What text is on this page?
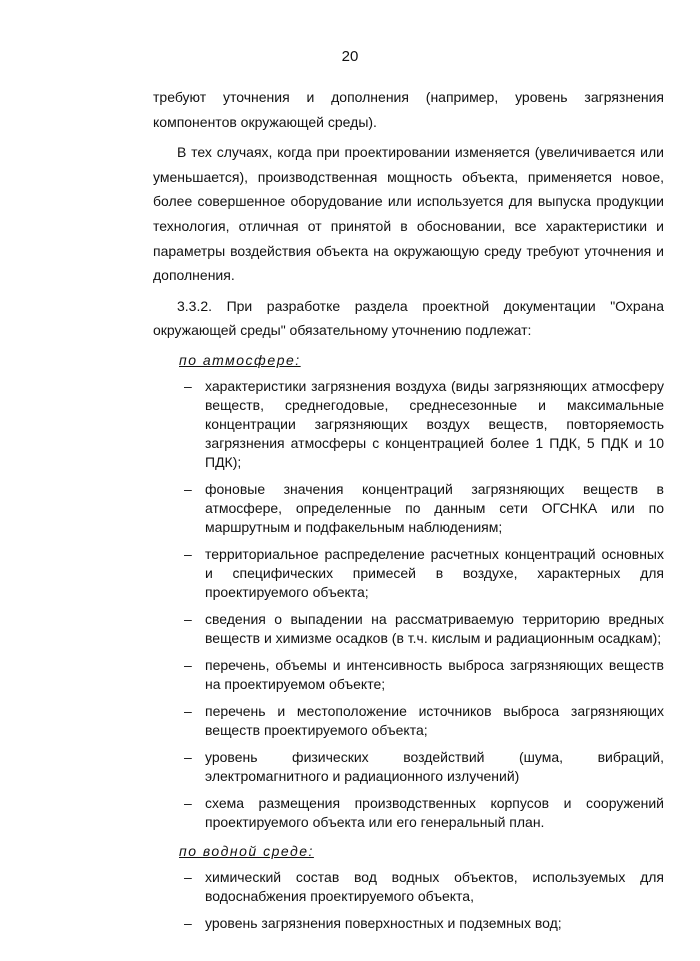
20

требуют уточнения и дополнения (например, уровень загрязнения компонентов окружающей среды).

В тех случаях, когда при проектировании изменяется (увеличивается или уменьшается), производственная мощность объекта, применяется новое, более совершенное оборудование или используется для выпуска продукции технология, отличная от принятой в обосновании, все характеристики и параметры воздействия объекта на окружающую среду требуют уточнения и дополнения.

3.3.2. При разработке раздела проектной документации "Охрана окружающей среды" обязательному уточнению подлежат:

по атмосфере:
– характеристики загрязнения воздуха (виды загрязняющих атмосферу веществ, среднегодовые, среднесезонные и максимальные концентрации загрязняющих воздух веществ, повторяемость загрязнения атмосферы с концентрацией более 1 ПДК, 5 ПДК и 10 ПДК);
– фоновые значения концентраций загрязняющих веществ в атмосфере, определенные по данным сети ОГСНКА или по маршрутным и подфакельным наблюдениям;
– территориальное распределение расчетных концентраций основных и специфических примесей в воздухе, характерных для проектируемого объекта;
– сведения о выпадении на рассматриваемую территорию вредных веществ и химизме осадков (в т.ч. кислым и радиационным осадкам);
– перечень, объемы и интенсивность выброса загрязняющих веществ на проектируемом объекте;
– перечень и местоположение источников выброса загрязняющих веществ проектируемого объекта;
– уровень физических воздействий (шума, вибраций, электромагнитного и радиационного излучений)
– схема размещения производственных корпусов и сооружений проектируемого объекта или его генеральный план.
по водной среде:
– химический состав вод водных объектов, используемых для водоснабжения проектируемого объекта,
– уровень загрязнения поверхностных и подземных вод;
